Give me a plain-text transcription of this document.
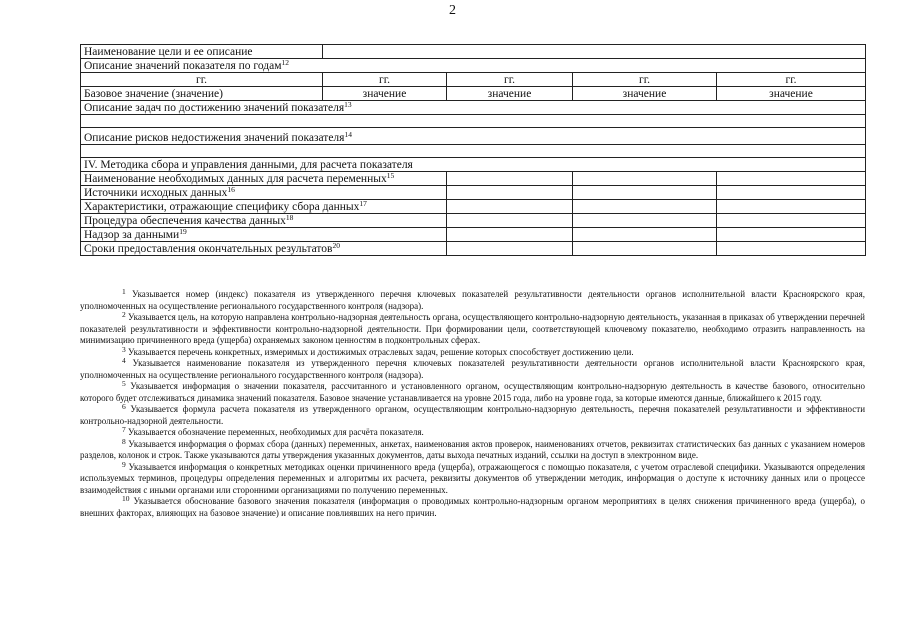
2
Наименование цели и ее описание				
Описание значений показателя по годам$^{12}$
гг.	гг.	гг.	гг.	гг.
Базовое значение (значение)	значение	значение	значение	значение
Описание задач по достижению значений показателя$^{13}$

Описание рисков недостижения значений показателя$^{14}$

IV. Методика сбора и управления данными, для расчета показателя				
Наименование необходимых данных для расчета переменных$^{15}$			
Источники исходных данных$^{16}$			
Характеристики, отражающие специфику сбора данных$^{17}$			
Процедура обеспечения качества данных$^{18}$			
Надзор за данными$^{19}$			
Сроки предоставления окончательных результатов$^{20}$			

$^1$ Указывается номер (индекс) показателя из утвержденного перечня ключевых показателей результативности деятельности органов исполнительной власти Красноярского края, уполномоченных на осуществление регионального государственного контроля (надзора).

$^2$ Указывается цель, на которую направлена контрольно-надзорная деятельность органа, осуществляющего контрольно-надзорную деятельность, указанная в приказах об утверждении перечней показателей результативности и эффективности контрольно-надзорной деятельности. При формировании цели, соответствующей ключевому показателю, необходимо отразить направленность на минимизацию причиненного вреда (ущерба) охраняемых законом ценностям в подконтрольных сферах.

$^3$ Указывается перечень конкретных, измеримых и достижимых отраслевых задач, решение которых способствует достижению цели.

$^4$ Указывается наименование показателя из утвержденного перечня ключевых показателей результативности деятельности органов исполнительной власти Красноярского края, уполномоченных на осуществление регионального государственного контроля (надзора).

$^5$ Указывается информация о значении показателя, рассчитанного и установленного органом, осуществляющим контрольно-надзорную деятельность в качестве базового, относительно которого будет отслеживаться динамика значений показателя. Базовое значение устанавливается на уровне 2015 года, либо на уровне года, за которые имеются данные, ближайшего к 2015 году.

$^6$ Указывается формула расчета показателя из утвержденного органом, осуществляющим контрольно-надзорную деятельность, перечня показателей результативности и эффективности контрольно-надзорной деятельности.

$^7$ Указывается обозначение переменных, необходимых для расчёта показателя.

$^8$ Указывается информация о формах сбора (данных) переменных, анкетах, наименования актов проверок, наименованиях отчетов, реквизитах статистических баз данных с указанием номеров разделов, колонок и строк. Также указываются даты утверждения указанных документов, даты выхода печатных изданий, ссылки на доступ в электронном виде.

$^9$ Указывается информация о конкретных методиках оценки причиненного вреда (ущерба), отражающегося с помощью показателя, с учетом отраслевой специфики. Указываются определения используемых терминов, процедуры определения переменных и алгоритмы их расчета, реквизиты документов об утверждении методик, информация о доступе к источнику данных или о процессе взаимодействия с иными органами или сторонними организациями по получению переменных.

$^{10}$ Указывается обоснование базового значения показателя (информация о проводимых контрольно-надзорным органом мероприятиях в целях снижения причиненного вреда (ущерба), о внешних факторах, влияющих на базовое значение) и описание повлиявших на него причин.
